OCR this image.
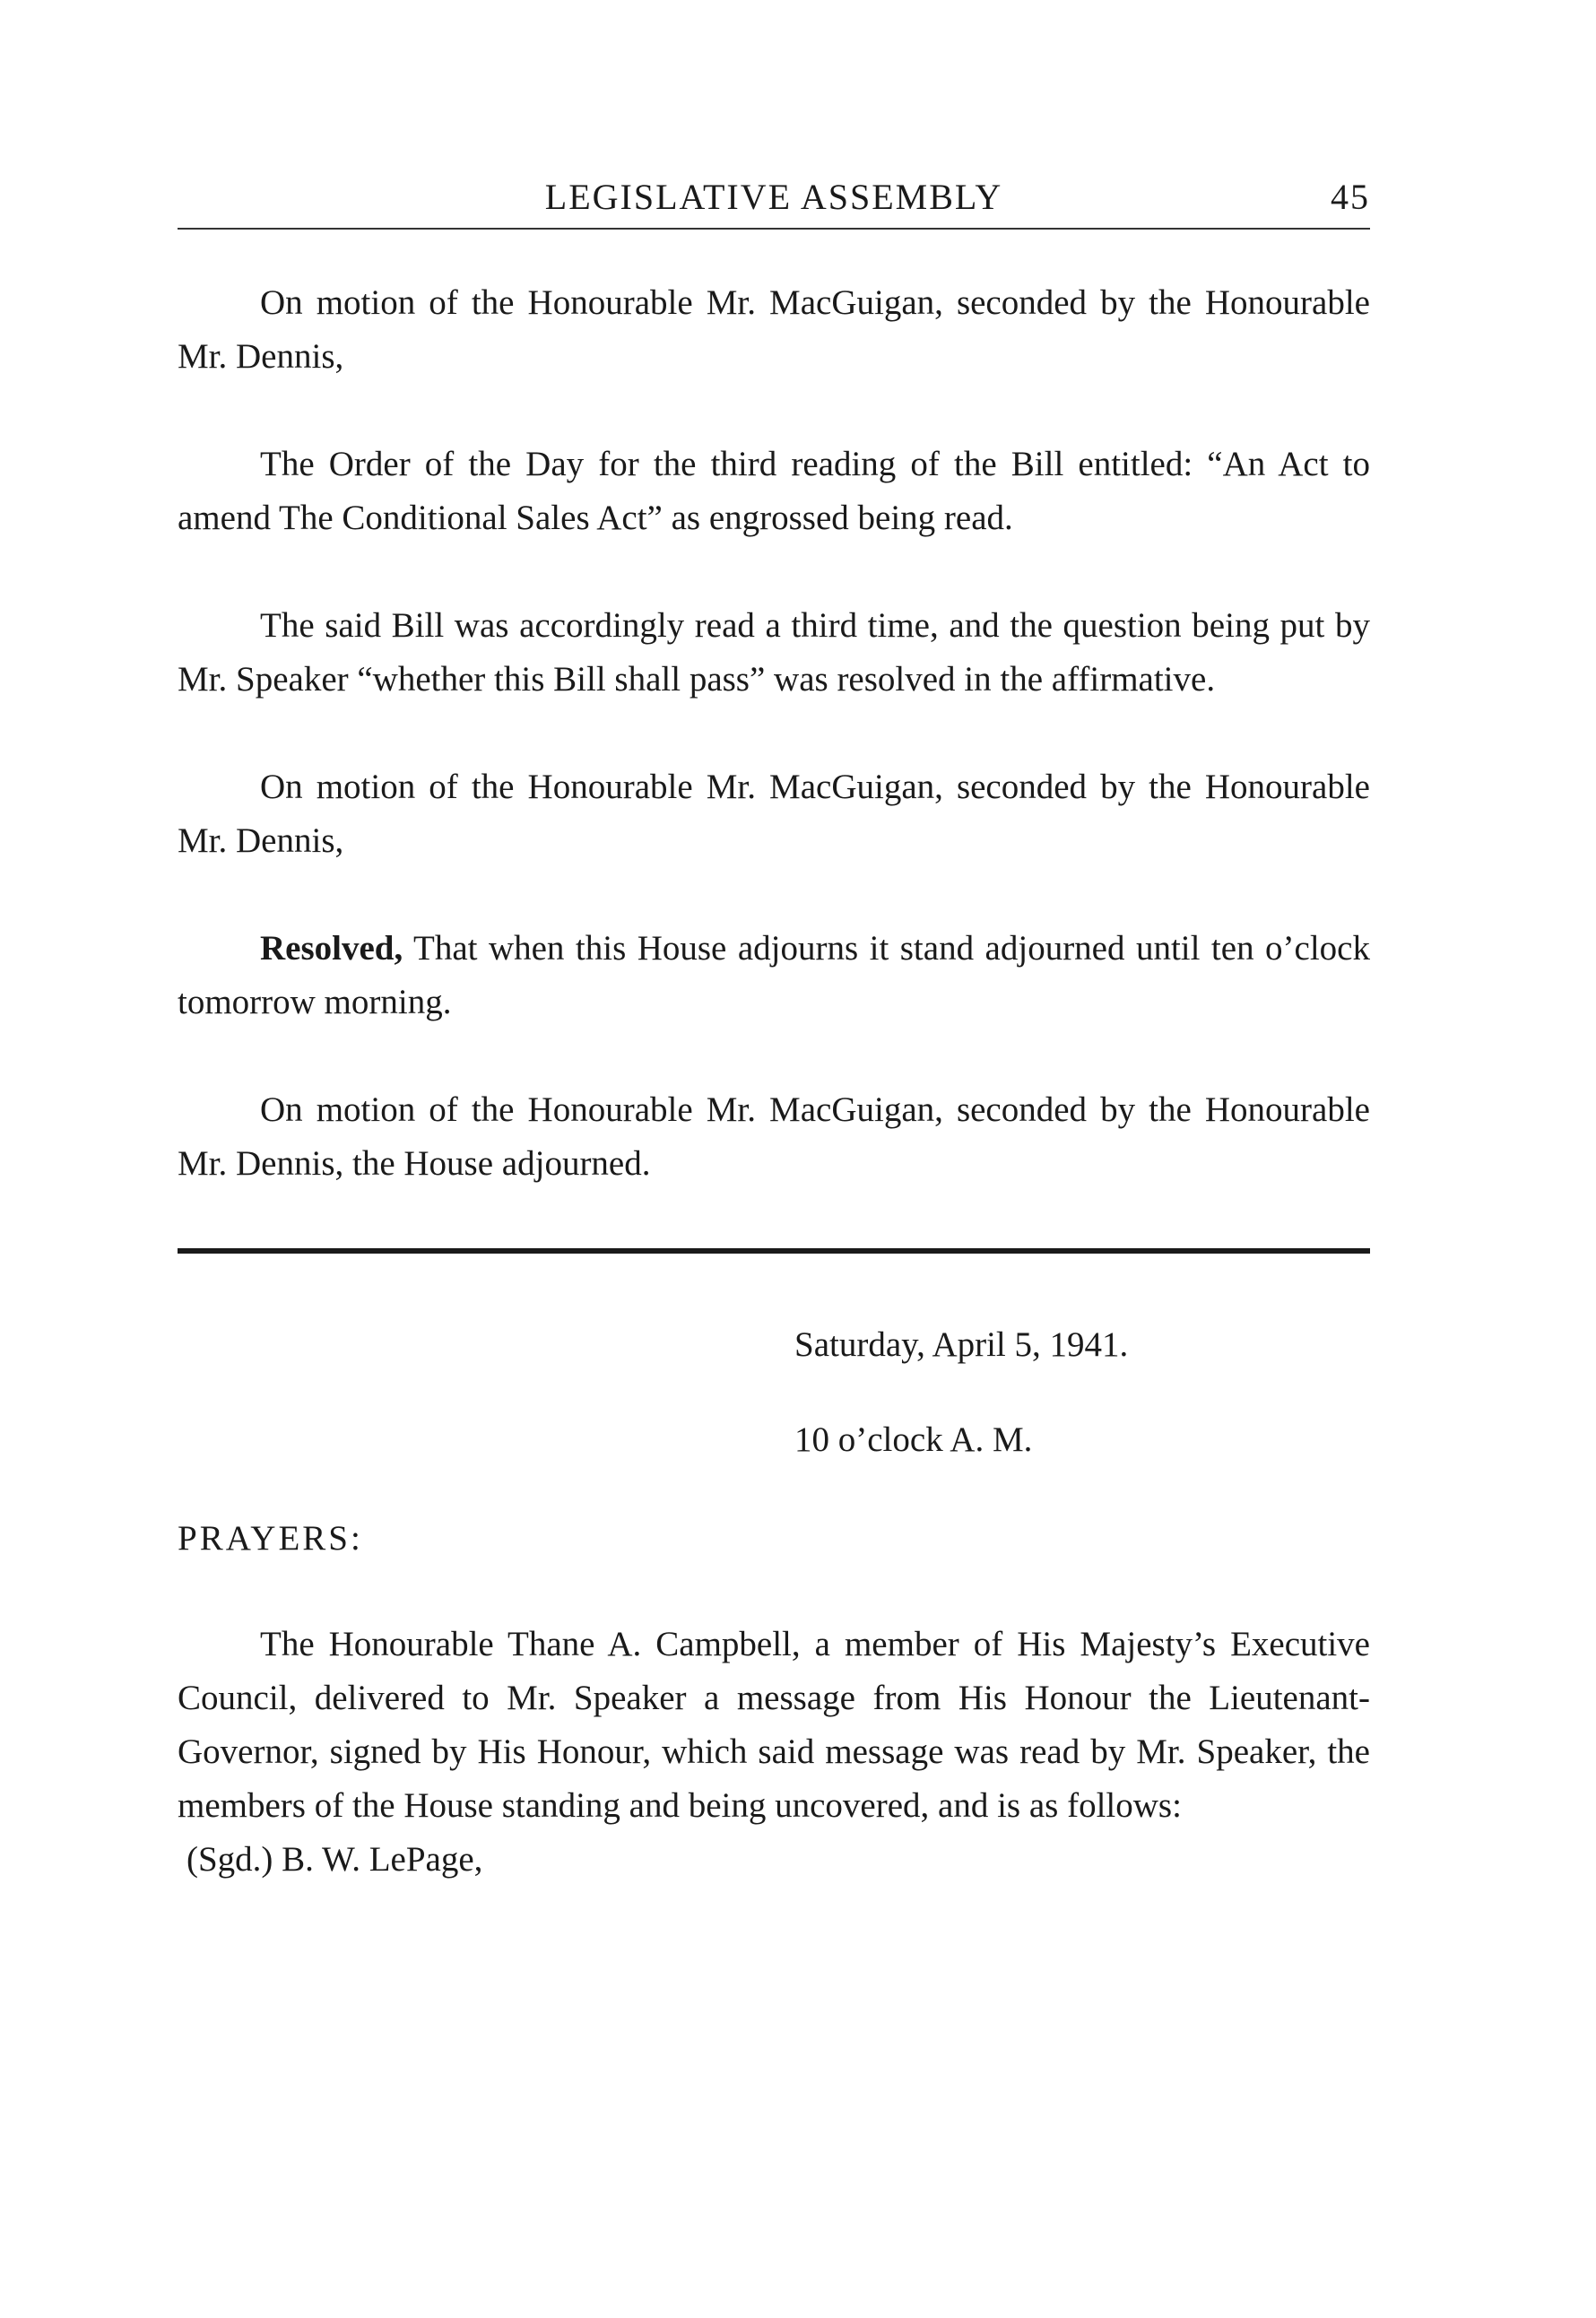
LEGISLATIVE ASSEMBLY	45

On motion of the Honourable Mr. MacGuigan, seconded by the Honourable Mr. Dennis,

The Order of the Day for the third reading of the Bill entitled: “An Act to amend The Conditional Sales Act” as engrossed being read.

The said Bill was accordingly read a third time, and the question being put by Mr. Speaker “whether this Bill shall pass” was resolved in the affirmative.

On motion of the Honourable Mr. MacGuigan, seconded by the Honourable Mr. Dennis,

Resolved, That when this House adjourns it stand adjourned until ten o’clock tomorrow morning.

On motion of the Honourable Mr. MacGuigan, seconded by the Honourable Mr. Dennis, the House adjourned.

Saturday, April 5, 1941.
10 o’clock A. M.
PRAYERS:

The Honourable Thane A. Campbell, a member of His Majesty’s Executive Council, delivered to Mr. Speaker a message from His Honour the Lieutenant-Governor, signed by His Honour, which said message was read by Mr. Speaker, the members of the House standing and being uncovered, and is as follows:

(Sgd.) B. W. LePage,
